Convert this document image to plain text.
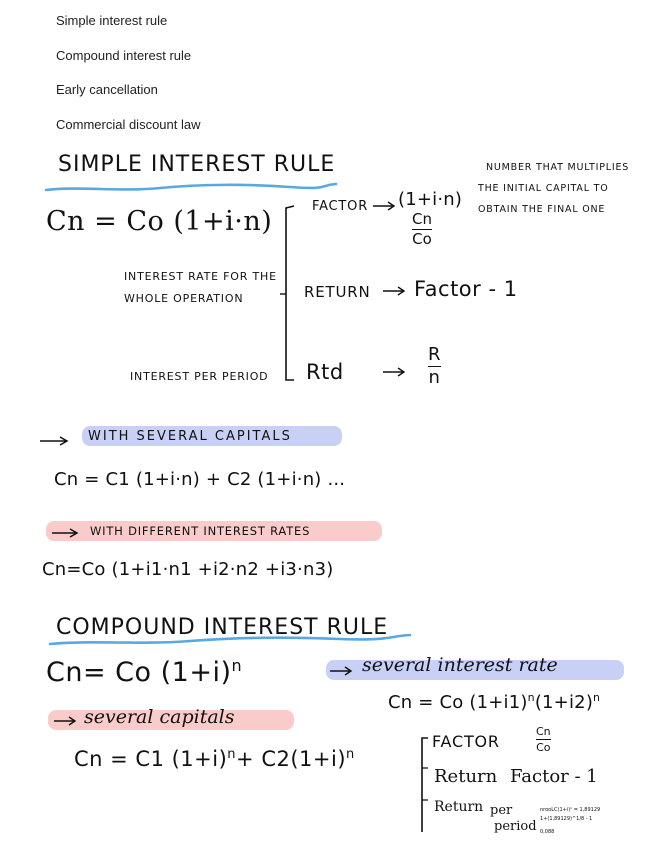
Simple interest rule
Compound interest rule
Early cancellation
Commercial discount law
SIMPLE INTEREST RULE
Cn = Co (1+i·n)	FACTOR (1+i·n)
Cn
Co
NUMBER THAT MULTIPLIES
THE INITIAL CAPITAL TO
OBTAIN THE FINAL ONE
INTEREST RATE FOR THE
WHOLE OPERATION	RETURN Factor - 1
INTEREST PER PERIOD Rtd
R
n
WITH SEVERAL CAPITALS
Cn = C1 (1+i·n) + C2 (1+i·n) ...
WITH DIFFERENT INTEREST RATES
Cn=Co (1+i1·n1 +i2·n2 +i3·n3)
COMPOUND INTEREST RULE
Cn= Co $(1+i)^n$	several interest rate
Cn = Co $(1+i1)^n(1+i2)^n$
several capitals
Cn = C1 $(1+i)^n+ C2(1+i)^n$
FACTOR
Cn
Co
Return Factor - 1
Return per
period
nrooLC(1+i)ⁿ = 1,89129
1+(1,89129)^1/8 - 1
0,088
